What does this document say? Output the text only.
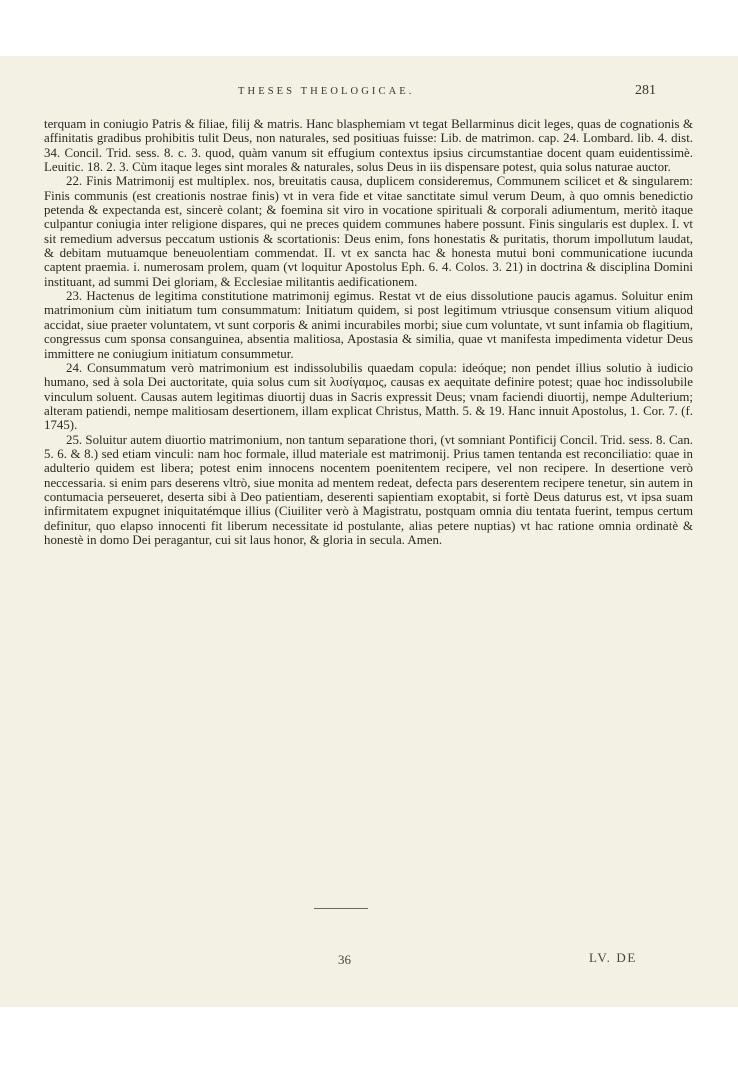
THESES THEOLOGICAE.	281

terquam in coniugio Patris & filiae, filij & matris. Hanc blasphemiam vt tegat Bellarminus dicit leges, quas de cognationis & affinitatis gradibus prohibitis tulit Deus, non naturales, sed positiuas fuisse: Lib. de matrimon. cap. 24. Lombard. lib. 4. dist. 34. Concil. Trid. sess. 8. c. 3. quod, quàm vanum sit effugium contextus ipsius circumstantiae docent quam euidentissimè. Leuitic. 18. 2. 3. Cùm itaque leges sint morales & naturales, solus Deus in iis dispensare potest, quia solus naturae auctor.

22. Finis Matrimonij est multiplex. nos, breuitatis causa, duplicem consideremus, Communem scilicet et & singularem: Finis communis (est creationis nostrae finis) vt in vera fide et vitae sanctitate simul verum Deum, à quo omnis benedictio petenda & expectanda est, sincerè colant; & foemina sit viro in vocatione spirituali & corporali adiumentum, meritò itaque culpantur coniugia inter religione dispares, qui ne preces quidem communes habere possunt. Finis singularis est duplex. I. vt sit remedium adversus peccatum ustionis & scortationis: Deus enim, fons honestatis & puritatis, thorum impollutum laudat, & debitam mutuamque beneuolentiam commendat. II. vt ex sancta hac & honesta mutui boni communicatione iucunda captent praemia. i. numerosam prolem, quam (vt loquitur Apostolus Eph. 6. 4. Colos. 3. 21) in doctrina & disciplina Domini instituant, ad summi Dei gloriam, & Ecclesiae militantis aedificationem.

23. Hactenus de legitima constitutione matrimonij egimus. Restat vt de eius dissolutione paucis agamus. Soluitur enim matrimonium cùm initiatum tum consummatum: Initiatum quidem, si post legitimum vtriusque consensum vitium aliquod accidat, siue praeter voluntatem, vt sunt corporis & animi incurabiles morbi; siue cum voluntate, vt sunt infamia ob flagitium, congressus cum sponsa consanguinea, absentia malitiosa, Apostasia & similia, quae vt manifesta impedimenta videtur Deus immittere ne coniugium initiatum consummetur.

24. Consummatum verò matrimonium est indissolubilis quaedam copula: ideóque; non pendet illius solutio à iudicio humano, sed à sola Dei auctoritate, quia solus cum sit λυσίγαμος, causas ex aequitate definire potest; quae hoc indissolubile vinculum soluent. Causas autem legitimas diuortij duas in Sacris expressit Deus; vnam faciendi diuortij, nempe Adulterium; alteram patiendi, nempe malitiosam desertionem, illam explicat Christus, Matth. 5. & 19. Hanc innuit Apostolus, 1. Cor. 7. (f. 1745).

25. Soluitur autem diuortio matrimonium, non tantum separatione thori, (vt somniant Pontificij Concil. Trid. sess. 8. Can. 5. 6. & 8.) sed etiam vinculi: nam hoc formale, illud materiale est matrimonij. Prius tamen tentanda est reconciliatio: quae in adulterio quidem est libera; potest enim innocens nocentem poenitentem recipere, vel non recipere. In desertione verò neccessaria. si enim pars deserens vltrò, siue monita ad mentem redeat, defecta pars deserentem recipere tenetur, sin autem in contumacia perseueret, deserta sibi à Deo patientiam, deserenti sapientiam exoptabit, si fortè Deus daturus est, vt ipsa suam infirmitatem expugnet iniquitatémque illius (Ciuiliter verò à Magistratu, postquam omnia diu tentata fuerint, tempus certum definitur, quo elapso innocenti fit liberum necessitate id postulante, alias petere nuptias) vt hac ratione omnia ordinatè & honestè in domo Dei peragantur, cui sit laus honor, & gloria in secula. Amen.

36	LV. DE
